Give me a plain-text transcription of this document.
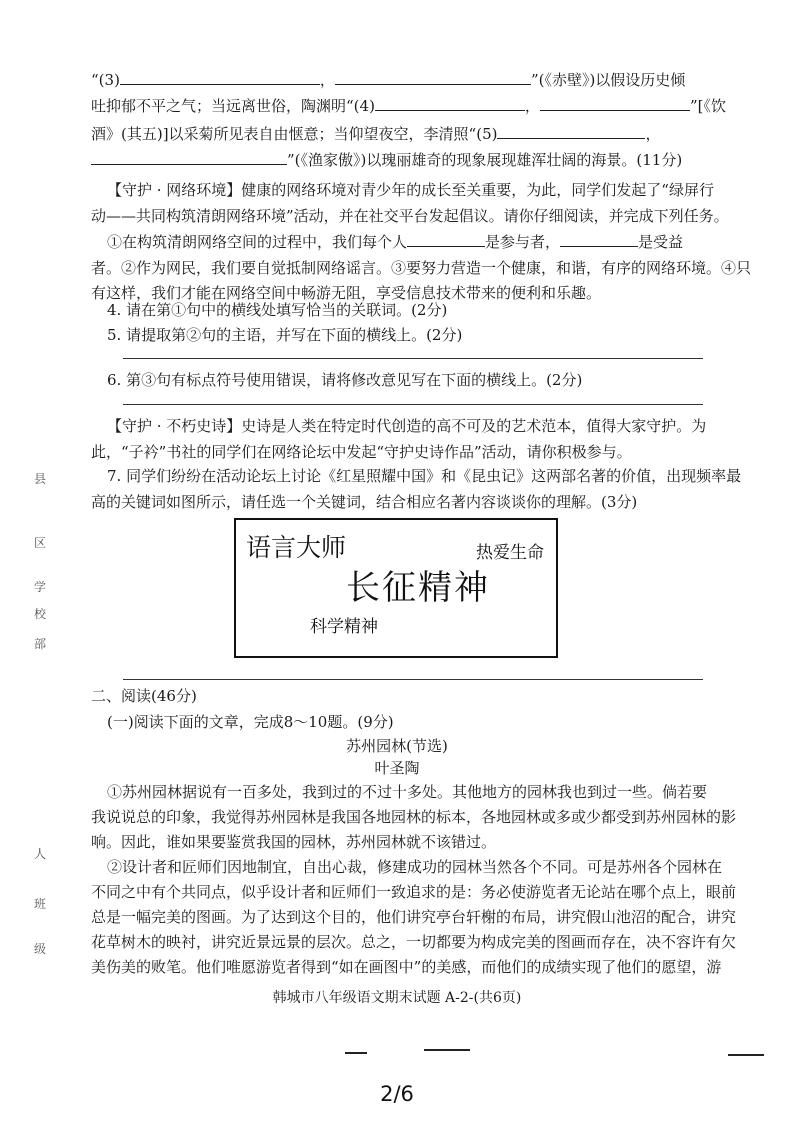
“(3)	，	”(《赤壁》)以假设历史倾
吐抑郁不平之气；当远离世俗，陶渊明“(4)	，	”[《饮
酒》(其五)]以采菊所见表自由惬意；当仰望夜空，李清照“(5)	，
”(《渔家傲》)以瑰丽雄奇的现象展现雄浑壮阔的海景。(11分)
【守护 · 网络环境】健康的网络环境对青少年的成长至关重要，为此，同学们发起了“绿屏行
动——共同构筑清朗网络环境”活动，并在社交平台发起倡议。请你仔细阅读，并完成下列任务。
①在构筑清朗网络空间的过程中，我们每个人	是参与者，	是受益
者。②作为网民，我们要自觉抵制网络谣言。③要努力营造一个健康，和谐，有序的网络环境。④只
有这样，我们才能在网络空间中畅游无阻，享受信息技术带来的便利和乐趣。
4. 请在第①句中的横线处填写恰当的关联词。(2分)
5. 请提取第②句的主语，并写在下面的横线上。(2分)
6. 第③句有标点符号使用错误，请将修改意见写在下面的横线上。(2分)
【守护 · 不朽史诗】史诗是人类在特定时代创造的高不可及的艺术范本，值得大家守护。为
此，“子衿”书社的同学们在网络论坛中发起“守护史诗作品”活动，请你积极参与。
7. 同学们纷纷在活动论坛上讨论《红星照耀中国》和《昆虫记》这两部名著的价值，出现频率最
高的关键词如图所示，请任选一个关键词，结合相应名著内容谈谈你的理解。(3分)
语言大师	热爱生命
长征精神
科学精神
二、阅读(46分)
(一)阅读下面的文章，完成8～10题。(9分)
苏州园林(节选)
叶圣陶
①苏州园林据说有一百多处，我到过的不过十多处。其他地方的园林我也到过一些。倘若要
我说说总的印象，我觉得苏州园林是我国各地园林的标本，各地园林或多或少都受到苏州园林的影
响。因此，谁如果要鉴赏我国的园林，苏州园林就不该错过。
②设计者和匠师们因地制宜，自出心裁，修建成功的园林当然各个不同。可是苏州各个园林在
不同之中有个共同点，似乎设计者和匠师们一致追求的是：务必使游览者无论站在哪个点上，眼前
总是一幅完美的图画。为了达到这个目的，他们讲究亭台轩榭的布局，讲究假山池沼的配合，讲究
花草树木的映衬，讲究近景远景的层次。总之，一切都要为构成完美的图画而存在，决不容许有欠
美伤美的败笔。他们唯愿游览者得到“如在画图中”的美感，而他们的成绩实现了他们的愿望，游
韩城市八年级语文期末试题 A-2-(共6页)
县
区
学
校
部
人
班
级
2/6
